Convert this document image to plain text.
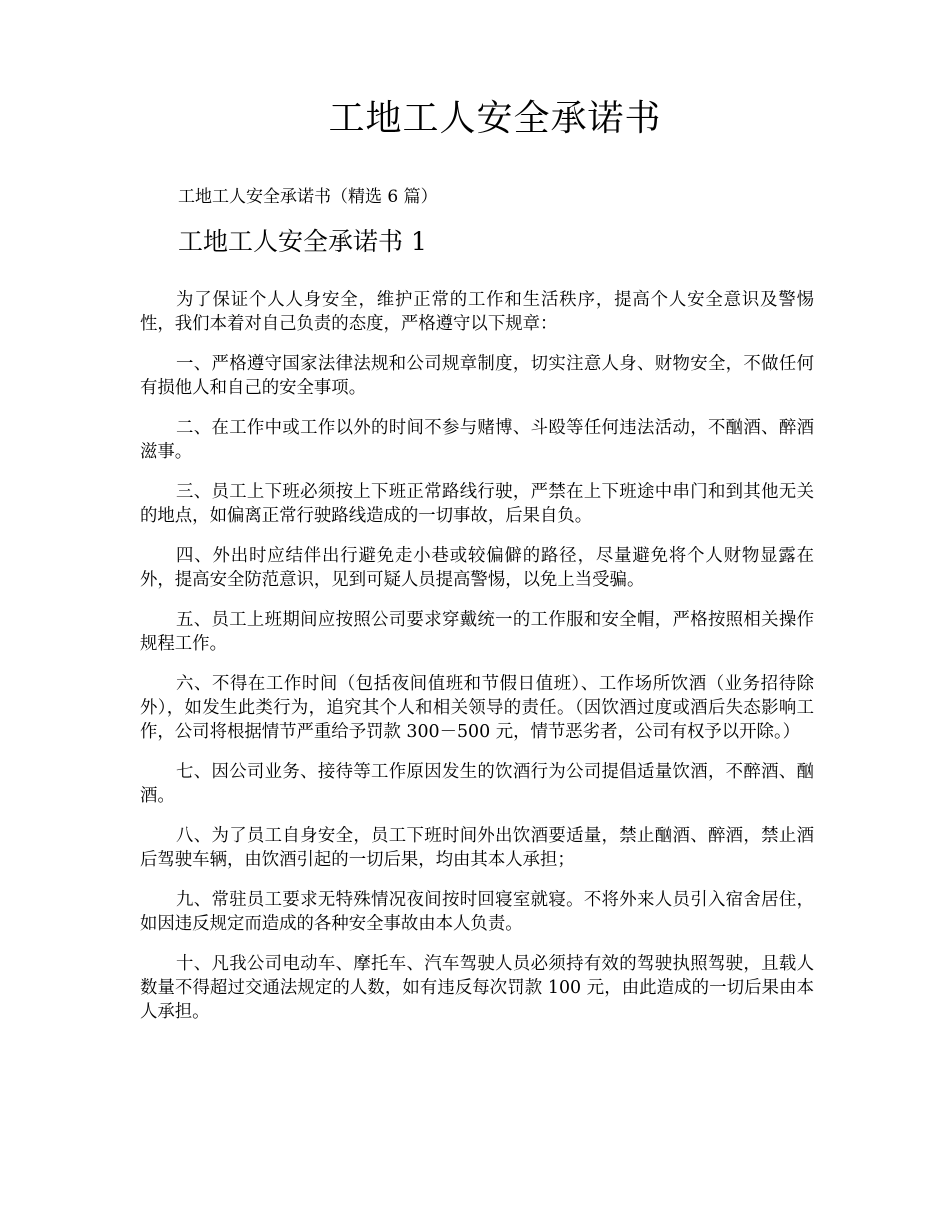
工地工人安全承诺书

工地工人安全承诺书（精选 6 篇）

工地工人安全承诺书 1

为了保证个人人身安全，维护正常的工作和生活秩序，提高个人安全意识及警惕性，我们本着对自己负责的态度，严格遵守以下规章：

一、严格遵守国家法律法规和公司规章制度，切实注意人身、财物安全，不做任何有损他人和自己的安全事项。

二、在工作中或工作以外的时间不参与赌博、斗殴等任何违法活动，不酗酒、醉酒滋事。

三、员工上下班必须按上下班正常路线行驶，严禁在上下班途中串门和到其他无关的地点，如偏离正常行驶路线造成的一切事故，后果自负。

四、外出时应结伴出行避免走小巷或较偏僻的路径，尽量避免将个人财物显露在外，提高安全防范意识，见到可疑人员提高警惕，以免上当受骗。

五、员工上班期间应按照公司要求穿戴统一的工作服和安全帽，严格按照相关操作规程工作。

六、不得在工作时间（包括夜间值班和节假日值班）、工作场所饮酒（业务招待除外），如发生此类行为，追究其个人和相关领导的责任。（因饮酒过度或酒后失态影响工作，公司将根据情节严重给予罚款 300－500 元，情节恶劣者，公司有权予以开除。）

七、因公司业务、接待等工作原因发生的饮酒行为公司提倡适量饮酒，不醉酒、酗酒。

八、为了员工自身安全，员工下班时间外出饮酒要适量，禁止酗酒、醉酒，禁止酒后驾驶车辆，由饮酒引起的一切后果，均由其本人承担；

九、常驻员工要求无特殊情况夜间按时回寝室就寝。不将外来人员引入宿舍居住，如因违反规定而造成的各种安全事故由本人负责。

十、凡我公司电动车、摩托车、汽车驾驶人员必须持有效的驾驶执照驾驶，且载人数量不得超过交通法规定的人数，如有违反每次罚款 100 元，由此造成的一切后果由本人承担。
